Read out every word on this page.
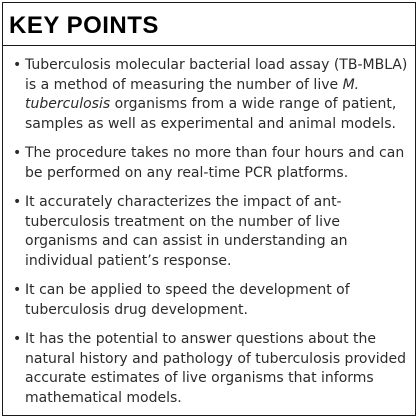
KEY POINTS
• Tuberculosis molecular bacterial load assay (TB-MBLA) is a method of measuring the number of live M. tuberculosis organisms from a wide range of patient, samples as well as experimental and animal models.
• The procedure takes no more than four hours and can be performed on any real-time PCR platforms.
• It accurately characterizes the impact of ant-tuberculosis treatment on the number of live organisms and can assist in understanding an individual patient’s response.
• It can be applied to speed the development of tuberculosis drug development.
• It has the potential to answer questions about the natural history and pathology of tuberculosis provided accurate estimates of live organisms that informs mathematical models.
